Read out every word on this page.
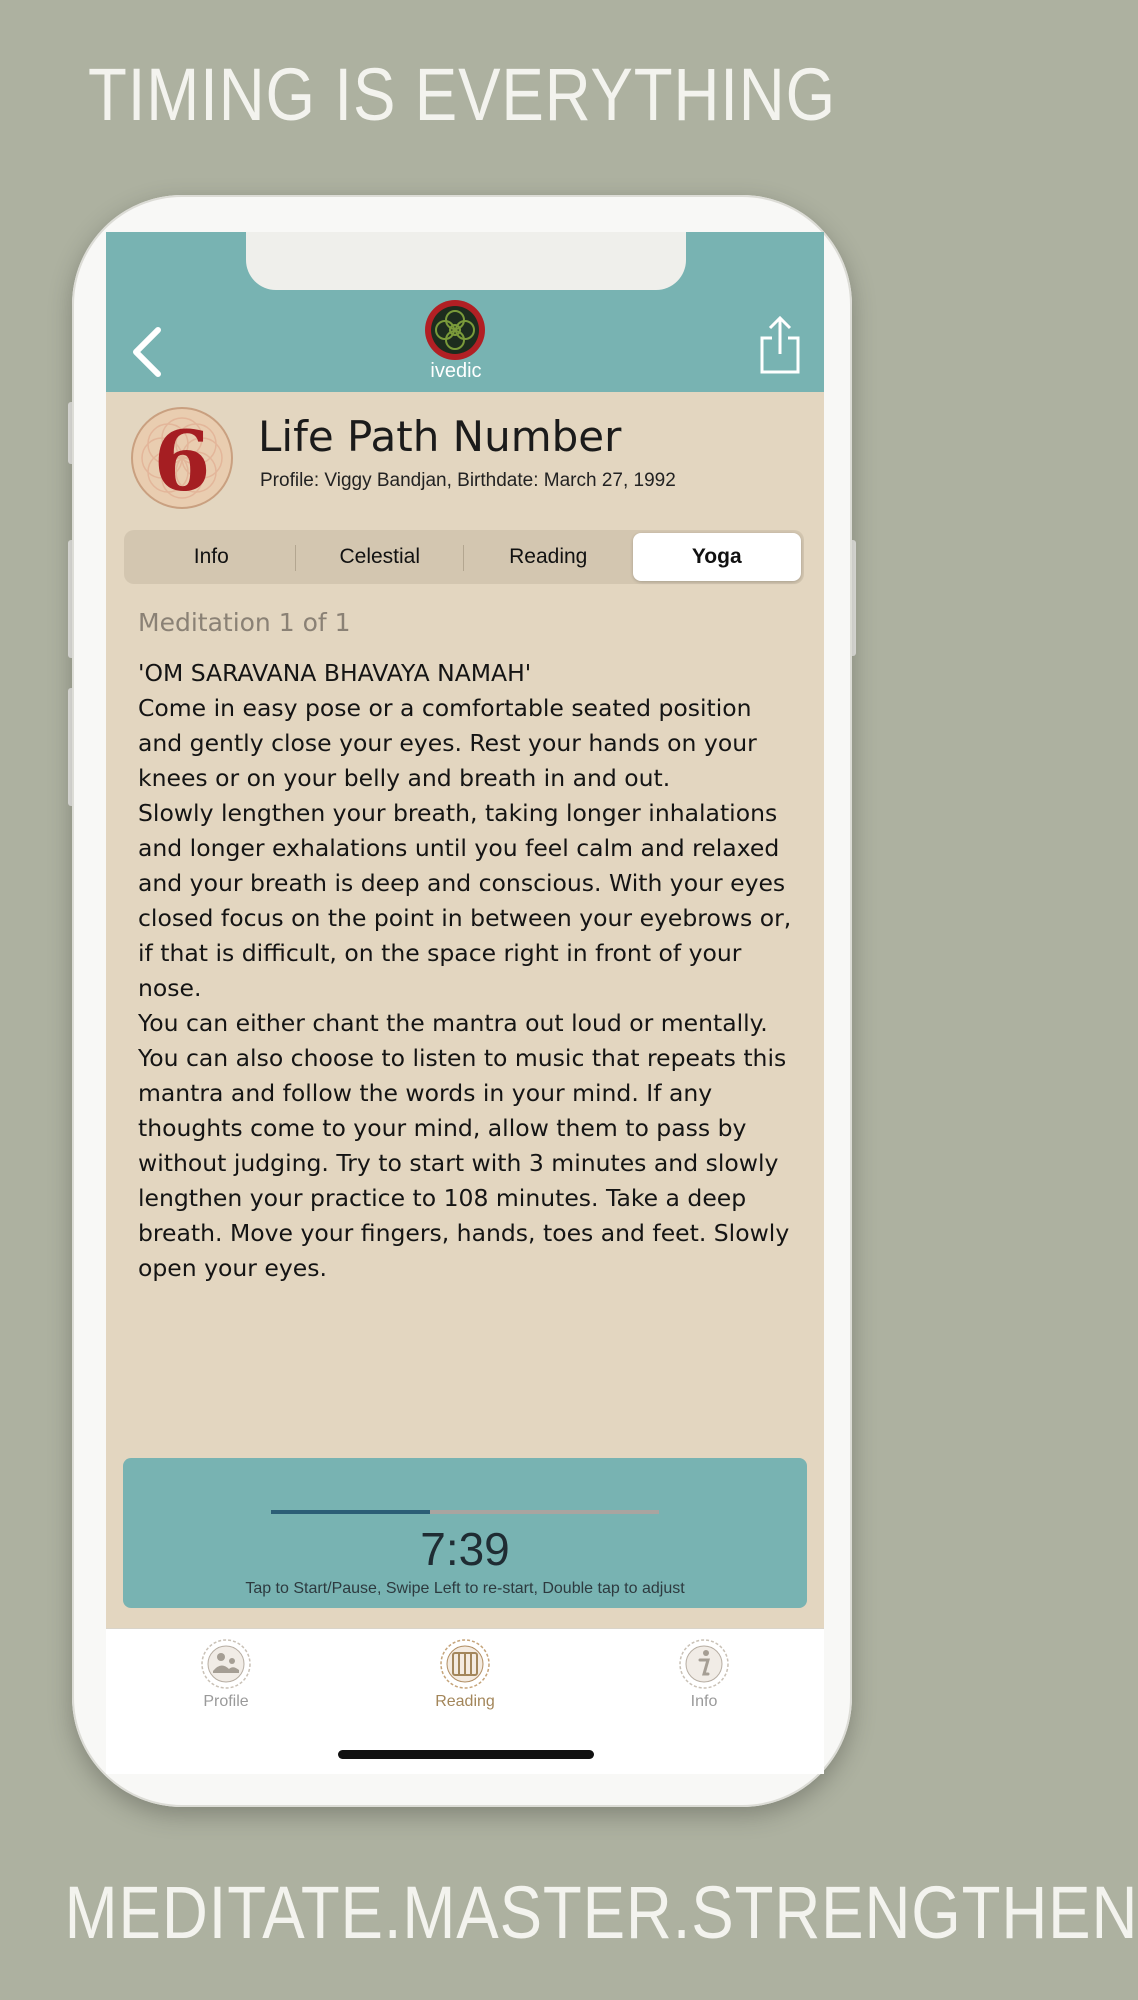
TIMING IS EVERYTHING
ivedic
6 Life Path Number
Profile: Viggy Bandjan, Birthdate: March 27, 1992
Info	Celestial	Reading	Yoga
Meditation 1 of 1

'OM SARAVANA BHAVAYA NAMAH'

Come in easy pose or a comfortable seated position and gently close your eyes. Rest your hands on your knees or on your belly and breath in and out.

Slowly lengthen your breath, taking longer inhalations and longer exhalations until you feel calm and relaxed and your breath is deep and conscious. With your eyes closed focus on the point in between your eyebrows or, if that is difficult, on the space right in front of your nose.

You can either chant the mantra out loud or mentally. You can also choose to listen to music that repeats this mantra and follow the words in your mind. If any thoughts come to your mind, allow them to pass by without judging. Try to start with 3 minutes and slowly lengthen your practice to 108 minutes. Take a deep breath. Move your fingers, hands, toes and feet. Slowly open your eyes.

7:39
Tap to Start/Pause, Swipe Left to re-start, Double tap to adjust
Profile	Reading	Info
MEDITATE.MASTER.STRENGTHEN
